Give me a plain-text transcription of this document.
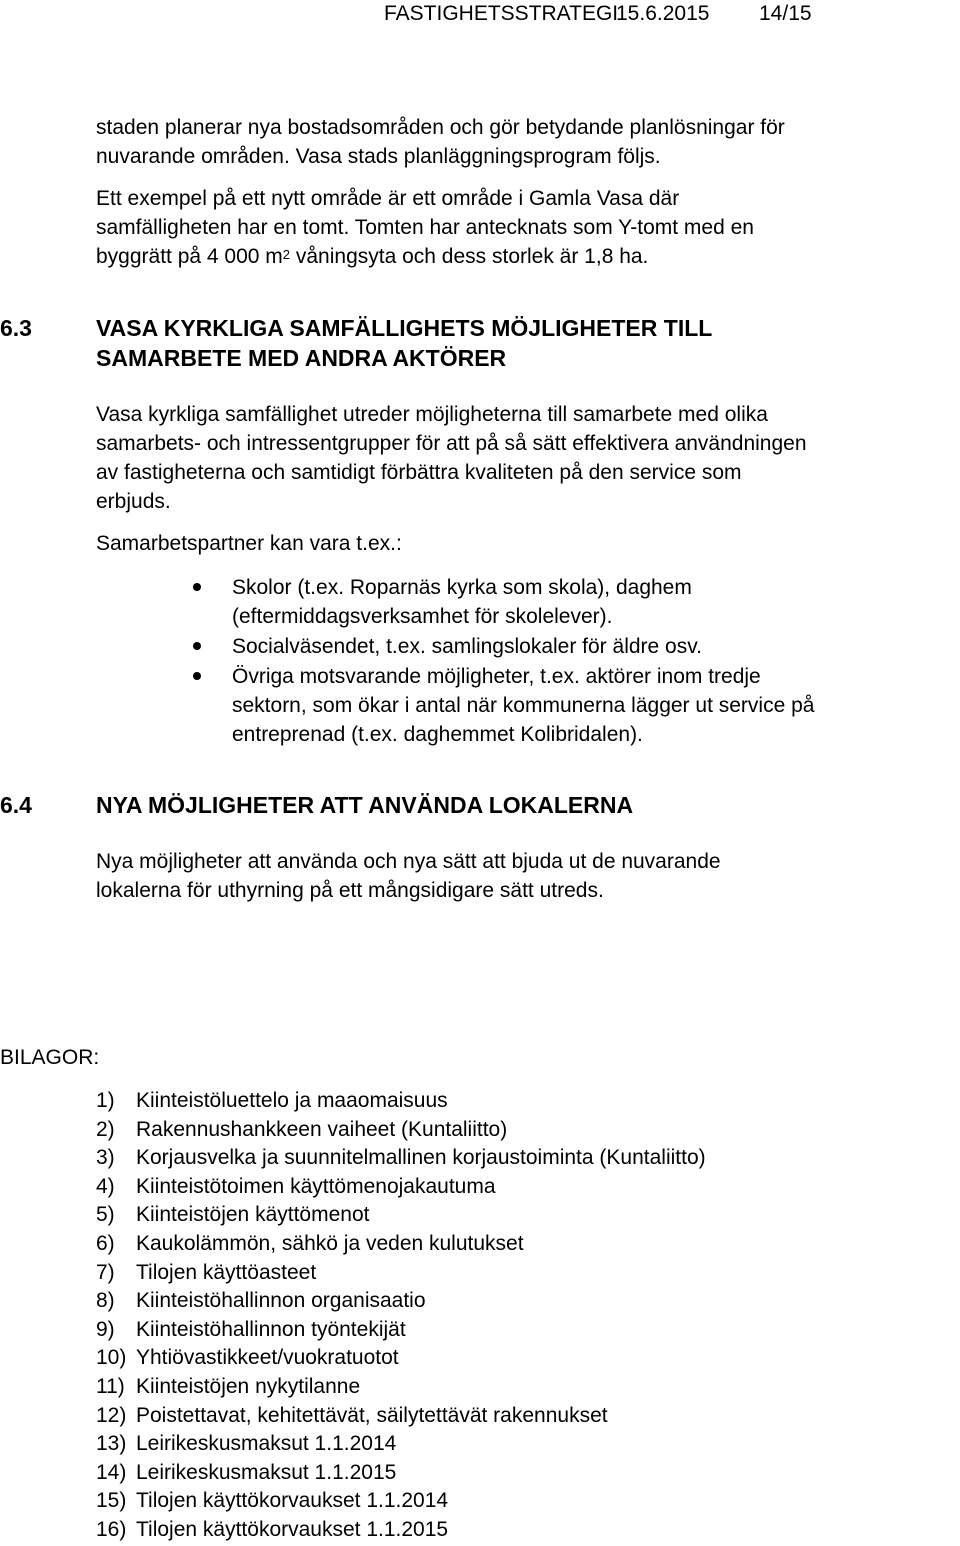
FASTIGHETSSTRATEGI15.6.2015 14/15
staden planerar nya bostadsområden och gör betydande planlösningar för
nuvarande områden. Vasa stads planläggningsprogram följs.
Ett exempel på ett nytt område är ett område i Gamla Vasa där
samfälligheten har en tomt. Tomten har antecknats som Y-tomt med en
byggrätt på 4 000 $m^2$ våningsyta och dess storlek är 1,8 ha.
6.3	VASA KYRKLIGA SAMFÄLLIGHETS MÖJLIGHETER TILL
SAMARBETE MED ANDRA AKTÖRER
Vasa kyrkliga samfällighet utreder möjligheterna till samarbete med olika
samarbets- och intressentgrupper för att på så sätt effektivera användningen
av fastigheterna och samtidigt förbättra kvaliteten på den service som
erbjuds.
Samarbetspartner kan vara t.ex.:
Skolor (t.ex. Roparnäs kyrka som skola), daghem
(eftermiddagsverksamhet för skolelever).
Socialväsendet, t.ex. samlingslokaler för äldre osv.
Övriga motsvarande möjligheter, t.ex. aktörer inom tredje
sektorn, som ökar i antal när kommunerna lägger ut service på
entreprenad (t.ex. daghemmet Kolibridalen).
6.4	NYA MÖJLIGHETER ATT ANVÄNDA LOKALERNA
Nya möjligheter att använda och nya sätt att bjuda ut de nuvarande
lokalerna för uthyrning på ett mångsidigare sätt utreds.
BILAGOR:
1) Kiinteistöluettelo ja maaomaisuus
2) Rakennushankkeen vaiheet (Kuntaliitto)
3) Korjausvelka ja suunnitelmallinen korjaustoiminta (Kuntaliitto)
4) Kiinteistötoimen käyttömenojakautuma
5) Kiinteistöjen käyttömenot
6) Kaukolämmön, sähkö ja veden kulutukset
7) Tilojen käyttöasteet
8) Kiinteistöhallinnon organisaatio
9) Kiinteistöhallinnon työntekijät
10) Yhtiövastikkeet/vuokratuotot
11) Kiinteistöjen nykytilanne
12) Poistettavat, kehitettävät, säilytettävät rakennukset
13) Leirikeskusmaksut 1.1.2014
14) Leirikeskusmaksut 1.1.2015
15) Tilojen käyttökorvaukset 1.1.2014
16) Tilojen käyttökorvaukset 1.1.2015
